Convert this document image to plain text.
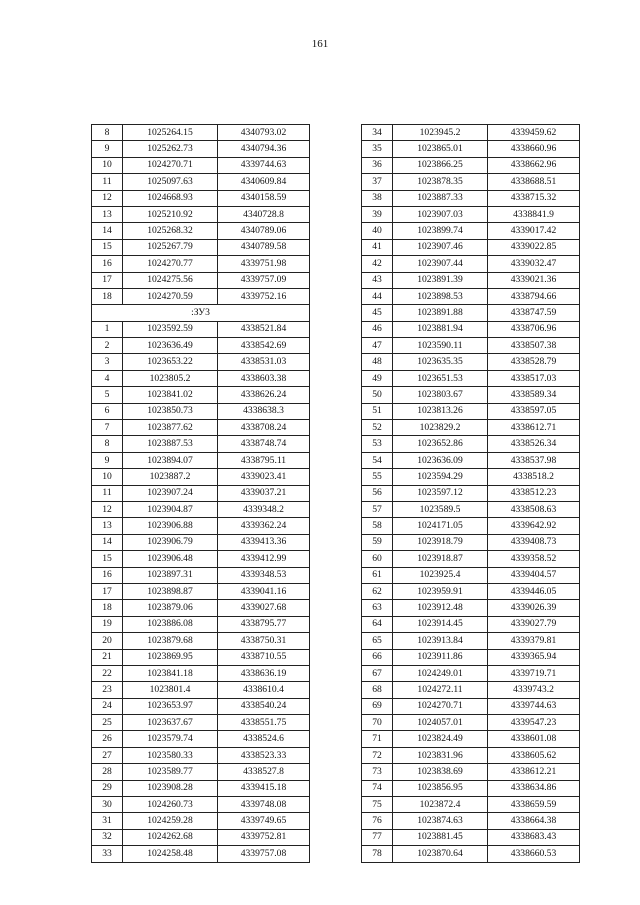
161
8	1025264.15	4340793.02
9	1025262.73	4340794.36
10	1024270.71	4339744.63
11	1025097.63	4340609.84
12	1024668.93	4340158.59
13	1025210.92	4340728.8
14	1025268.32	4340789.06
15	1025267.79	4340789.58
16	1024270.77	4339751.98
17	1024275.56	4339757.09
18	1024270.59	4339752.16
:ЗУ3		
1	1023592.59	4338521.84
2	1023636.49	4338542.69
3	1023653.22	4338531.03
4	1023805.2	4338603.38
5	1023841.02	4338626.24
6	1023850.73	4338638.3
7	1023877.62	4338708.24
8	1023887.53	4338748.74
9	1023894.07	4338795.11
10	1023887.2	4339023.41
11	1023907.24	4339037.21
12	1023904.87	4339348.2
13	1023906.88	4339362.24
14	1023906.79	4339413.36
15	1023906.48	4339412.99
16	1023897.31	4339348.53
17	1023898.87	4339041.16
18	1023879.06	4339027.68
19	1023886.08	4338795.77
20	1023879.68	4338750.31
21	1023869.95	4338710.55
22	1023841.18	4338636.19
23	1023801.4	4338610.4
24	1023653.97	4338540.24
25	1023637.67	4338551.75
26	1023579.74	4338524.6
27	1023580.33	4338523.33
28	1023589.77	4338527.8
29	1023908.28	4339415.18
30	1024260.73	4339748.08
31	1024259.28	4339749.65
32	1024262.68	4339752.81
33	1024258.48	4339757.08
34	1023945.2	4339459.62
35	1023865.01	4338660.96
36	1023866.25	4338662.96
37	1023878.35	4338688.51
38	1023887.33	4338715.32
39	1023907.03	4338841.9
40	1023899.74	4339017.42
41	1023907.46	4339022.85
42	1023907.44	4339032.47
43	1023891.39	4339021.36
44	1023898.53	4338794.66
45	1023891.88	4338747.59
46	1023881.94	4338706.96
47	1023590.11	4338507.38
48	1023635.35	4338528.79
49	1023651.53	4338517.03
50	1023803.67	4338589.34
51	1023813.26	4338597.05
52	1023829.2	4338612.71
53	1023652.86	4338526.34
54	1023636.09	4338537.98
55	1023594.29	4338518.2
56	1023597.12	4338512.23
57	1023589.5	4338508.63
58	1024171.05	4339642.92
59	1023918.79	4339408.73
60	1023918.87	4339358.52
61	1023925.4	4339404.57
62	1023959.91	4339446.05
63	1023912.48	4339026.39
64	1023914.45	4339027.79
65	1023913.84	4339379.81
66	1023911.86	4339365.94
67	1024249.01	4339719.71
68	1024272.11	4339743.2
69	1024270.71	4339744.63
70	1024057.01	4339547.23
71	1023824.49	4338601.08
72	1023831.96	4338605.62
73	1023838.69	4338612.21
74	1023856.95	4338634.86
75	1023872.4	4338659.59
76	1023874.63	4338664.38
77	1023881.45	4338683.43
78	1023870.64	4338660.53
